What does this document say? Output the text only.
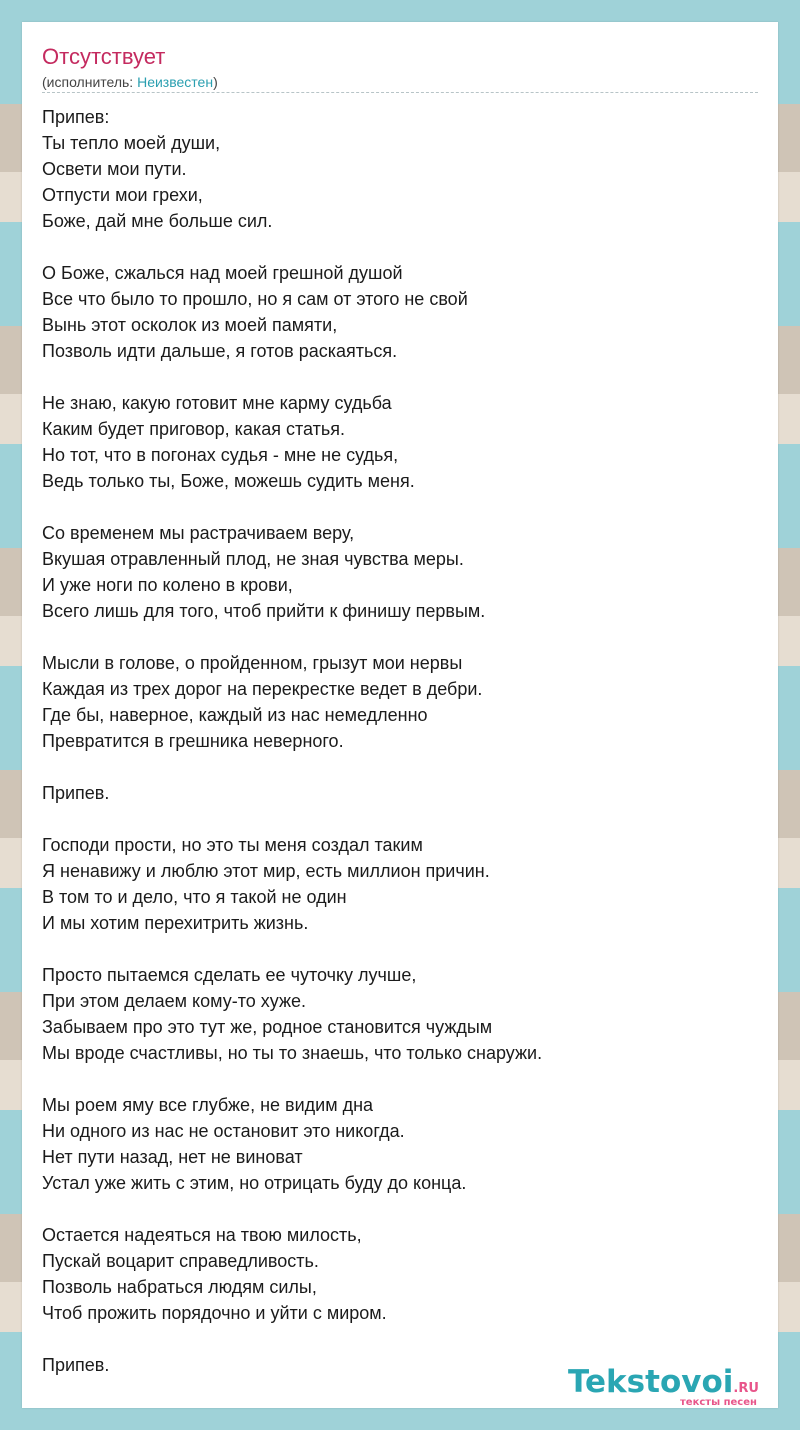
Отсутствует
(исполнитель: Неизвестен)
Припев:
Ты тепло моей души,
Освети мои пути.
Отпусти мои грехи,
Боже, дай мне больше сил.
О Боже, сжалься над моей грешной душой
Все что было то прошло, но я сам от этого не свой
Вынь этот осколок из моей памяти,
Позволь идти дальше, я готов раскаяться.
Не знаю, какую готовит мне карму судьба
Каким будет приговор, какая статья.
Но тот, что в погонах судья - мне не судья,
Ведь только ты, Боже, можешь судить меня.
Со временем мы растрачиваем веру,
Вкушая отравленный плод, не зная чувства меры.
И уже ноги по колено в крови,
Всего лишь для того, чтоб прийти к финишу первым.
Мысли в голове, о пройденном, грызут мои нервы
Каждая из трех дорог на перекрестке ведет в дебри.
Где бы, наверное, каждый из нас немедленно
Превратится в грешника неверного.
Припев.
Господи прости, но это ты меня создал таким
Я ненавижу и люблю этот мир, есть миллион причин.
В том то и дело, что я такой не один
И мы хотим перехитрить жизнь.
Просто пытаемся сделать ее чуточку лучше,
При этом делаем кому-то хуже.
Забываем про это тут же, родное становится чуждым
Мы вроде счастливы, но ты то знаешь, что только снаружи.
Мы роем яму все глубже, не видим дна
Ни одного из нас не остановит это никогда.
Нет пути назад, нет не виноват
Устал уже жить с этим, но отрицать буду до конца.
Остается надеяться на твою милость,
Пускай воцарит справедливость.
Позволь набраться людям силы,
Чтоб прожить порядочно и уйти с миром.
Припев.	Tekstovoi.RU
тексты песен
